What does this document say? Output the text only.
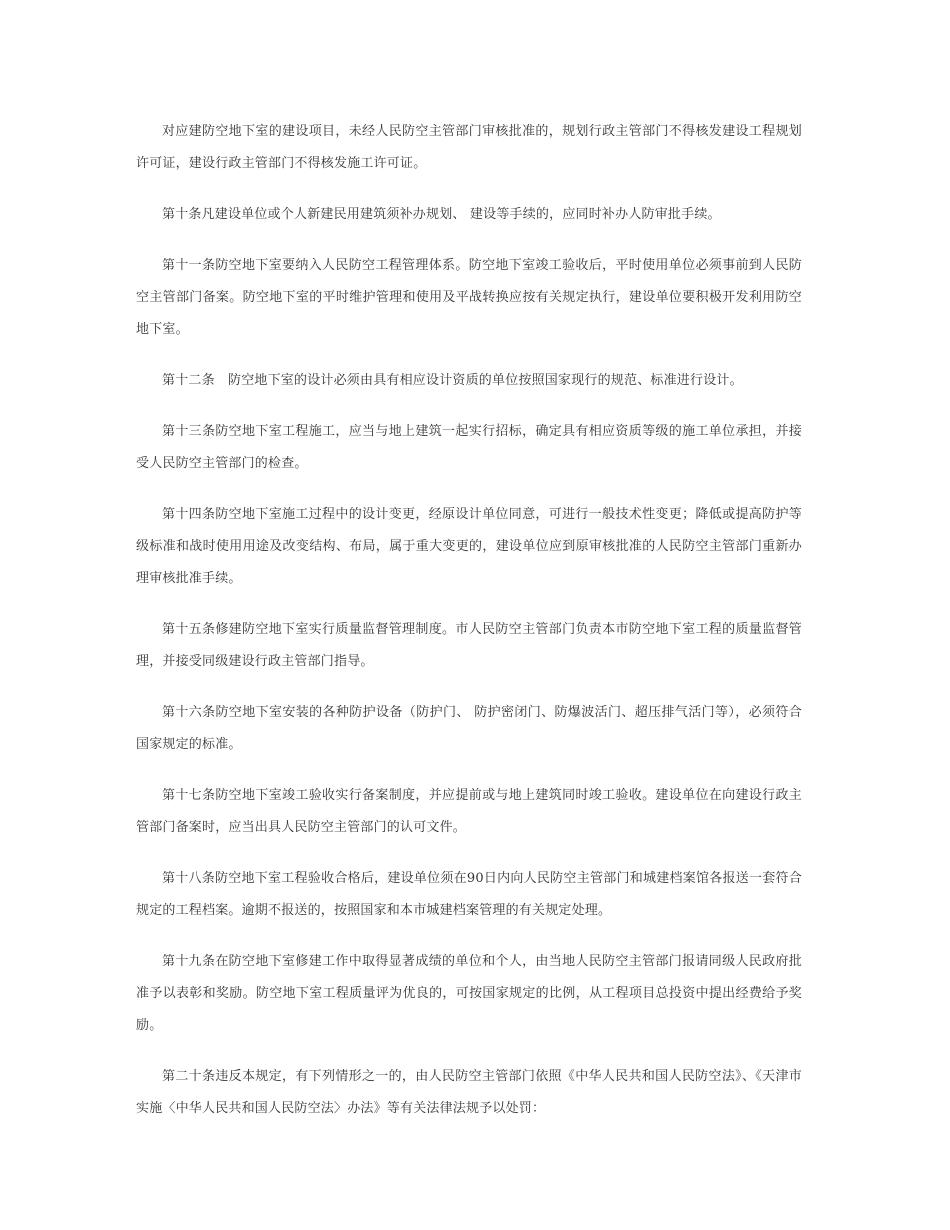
对应建防空地下室的建设项目，未经人民防空主管部门审核批准的，规划行政主管部门不得核发建设工程规划许可证，建设行政主管部门不得核发施工许可证。

第十条凡建设单位或个人新建民用建筑须补办规划、 建设等手续的，应同时补办人防审批手续。

第十一条防空地下室要纳入人民防空工程管理体系。防空地下室竣工验收后，平时使用单位必须事前到人民防空主管部门备案。防空地下室的平时维护管理和使用及平战转换应按有关规定执行，建设单位要积极开发利用防空地下室。

第十二条　防空地下室的设计必须由具有相应设计资质的单位按照国家现行的规范、标准进行设计。

第十三条防空地下室工程施工，应当与地上建筑一起实行招标，确定具有相应资质等级的施工单位承担，并接受人民防空主管部门的检查。

第十四条防空地下室施工过程中的设计变更，经原设计单位同意，可进行一般技术性变更；降低或提高防护等级标准和战时使用用途及改变结构、布局，属于重大变更的，建设单位应到原审核批准的人民防空主管部门重新办理审核批准手续。

第十五条修建防空地下室实行质量监督管理制度。市人民防空主管部门负责本市防空地下室工程的质量监督管理，并接受同级建设行政主管部门指导。

第十六条防空地下室安装的各种防护设备（防护门、 防护密闭门、防爆波活门、超压排气活门等），必须符合国家规定的标准。

第十七条防空地下室竣工验收实行备案制度，并应提前或与地上建筑同时竣工验收。建设单位在向建设行政主管部门备案时，应当出具人民防空主管部门的认可文件。

第十八条防空地下室工程验收合格后，建设单位须在90日内向人民防空主管部门和城建档案馆各报送一套符合规定的工程档案。逾期不报送的，按照国家和本市城建档案管理的有关规定处理。

第十九条在防空地下室修建工作中取得显著成绩的单位和个人，由当地人民防空主管部门报请同级人民政府批准予以表彰和奖励。防空地下室工程质量评为优良的，可按国家规定的比例，从工程项目总投资中提出经费给予奖励。

第二十条违反本规定，有下列情形之一的，由人民防空主管部门依照《中华人民共和国人民防空法》、《天津市实施〈中华人民共和国人民防空法〉办法》等有关法律法规予以处罚：
